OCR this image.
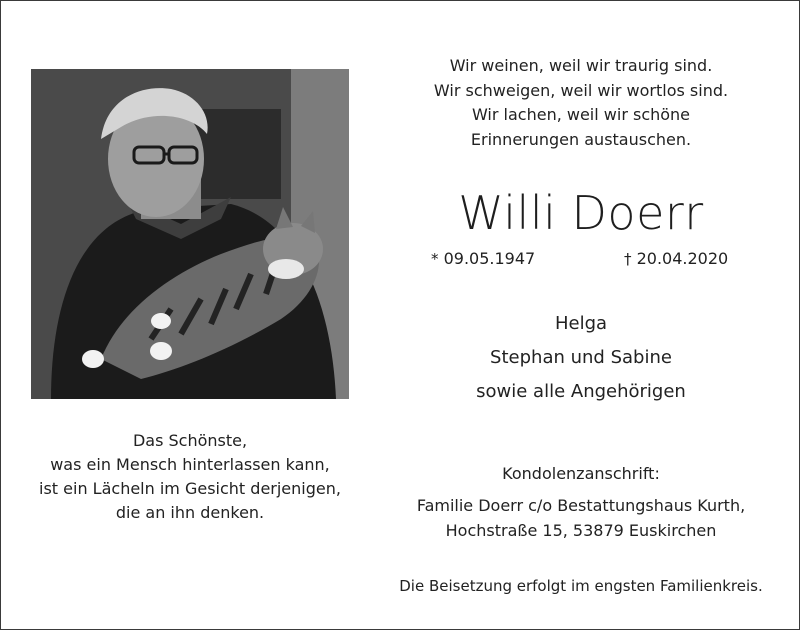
Das Schönste,
was ein Mensch hinterlassen kann,
ist ein Lächeln im Gesicht derjenigen,
die an ihn denken.
Wir weinen, weil wir traurig sind.
Wir schweigen, weil wir wortlos sind.
Wir lachen, weil wir schöne
Erinnerungen austauschen.
Willi Doerr
* 09.05.1947	† 20.04.2020
Helga
Stephan und Sabine
sowie alle Angehörigen
Kondolenzanschrift:
Familie Doerr c/o Bestattungshaus Kurth,
Hochstraße 15, 53879 Euskirchen
Die Beisetzung erfolgt im engsten Familienkreis.
